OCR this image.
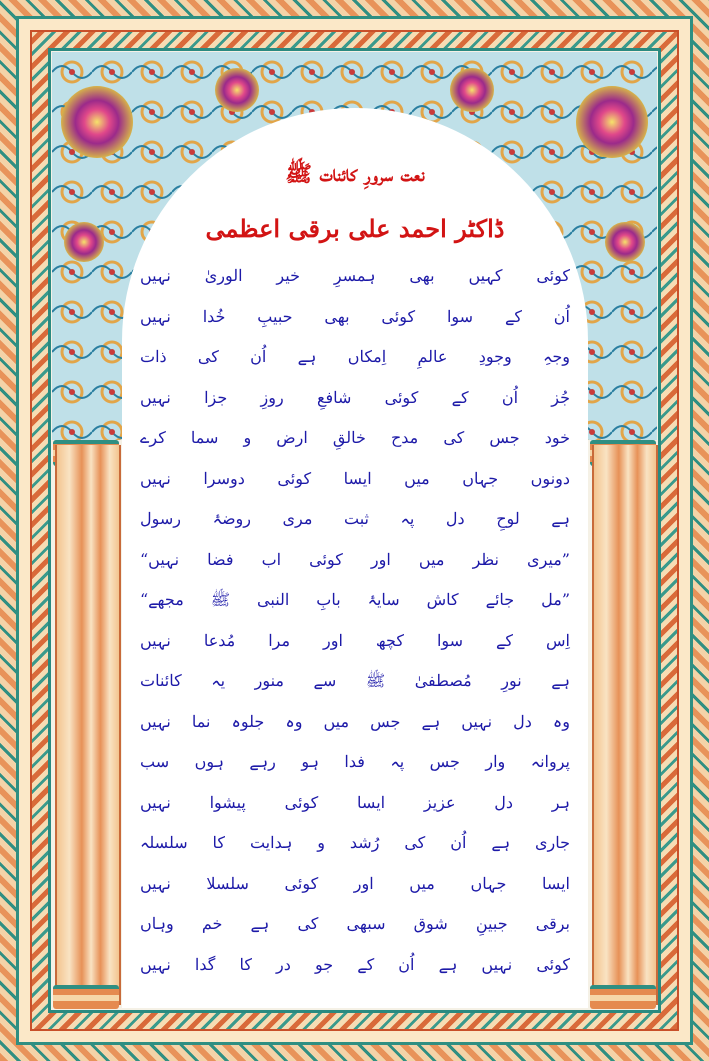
نعت سرورِ کائنات ﷺ
ڈاکٹر احمد علی برقی اعظمی
کوئی کہیں بھی ہمسرِ خیر الوریٰ نہیں
اُن کے سوا کوئی بھی حبیبِ خُدا نہیں
وجہِ وجودِ عالمِ اِمکاں ہے اُن کی ذات
جُز اُن کے کوئی شافعِ روزِ جزا نہیں
خود جس کی مدح خالقِ ارض و سما کرے
دونوں جہاں میں ایسا کوئی دوسرا نہیں
ہے لوحِ دل پہ ثبت مری روضۂ رسول
”میری نظر میں اور کوئی اب فضا نہیں“
”مل جائے کاش سایۂ بابِ النبی ﷺ مجھے“
اِس کے سوا کچھ اور مرا مُدعا نہیں
ہے نورِ مُصطفیٰ ﷺ سے منور یہ کائنات
وہ دل نہیں ہے جس میں وہ جلوہ نما نہیں
پروانہ وار جس پہ فدا ہو رہے ہوں سب
ہر دل عزیز ایسا کوئی پیشوا نہیں
جاری ہے اُن کی رُشد و ہدایت کا سلسلہ
ایسا جہاں میں اور کوئی سلسلا نہیں
برقی جبینِ شوق سبھی کی ہے خم وہاں
کوئی نہیں ہے اُن کے جو در کا گدا نہیں
